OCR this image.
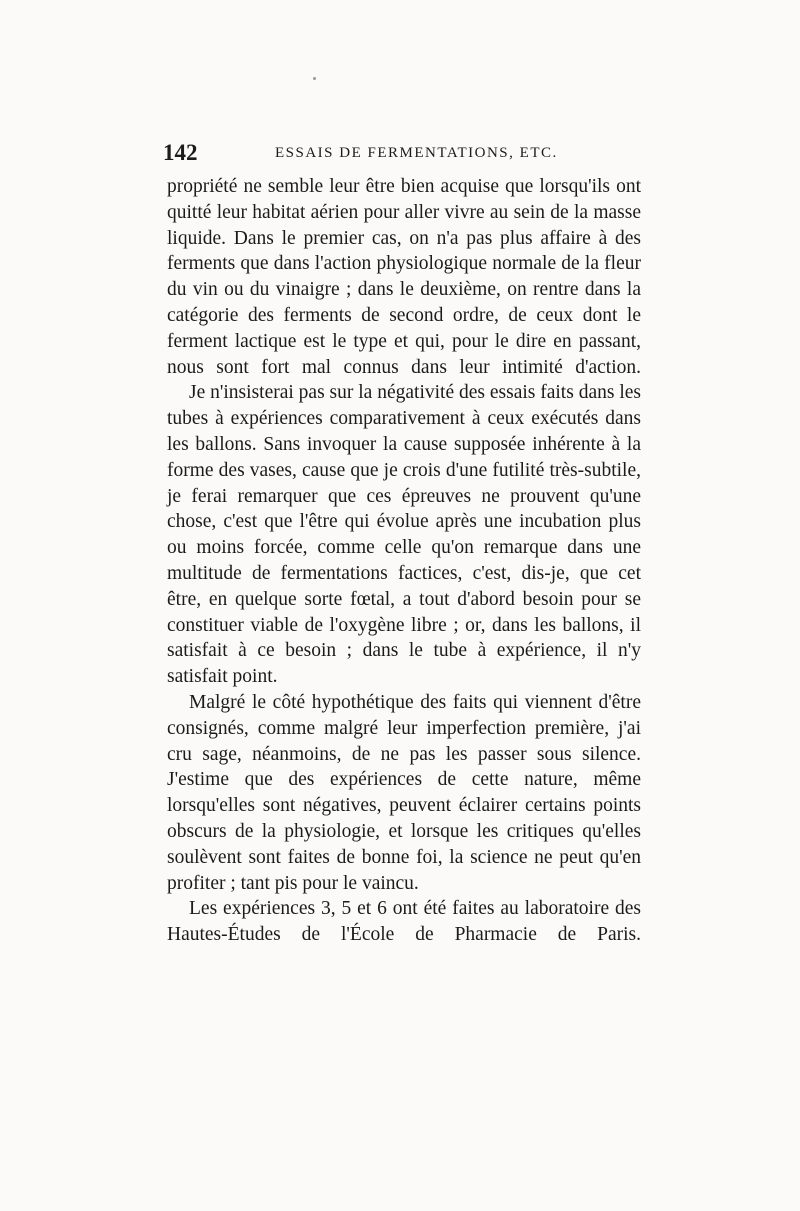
142	ESSAIS DE FERMENTATIONS, ETC.

propriété ne semble leur être bien acquise que lorsqu'ils ont quitté leur habitat aérien pour aller vivre au sein de la masse liquide. Dans le premier cas, on n'a pas plus affaire à des ferments que dans l'action physiologique normale de la fleur du vin ou du vinaigre ; dans le deuxième, on rentre dans la catégorie des ferments de second ordre, de ceux dont le ferment lactique est le type et qui, pour le dire en passant, nous sont fort mal connus dans leur intimité d'action.

Je n'insisterai pas sur la négativité des essais faits dans les tubes à expériences comparativement à ceux exécutés dans les ballons. Sans invoquer la cause supposée inhérente à la forme des vases, cause que je crois d'une futilité très-subtile, je ferai remarquer que ces épreuves ne prouvent qu'une chose, c'est que l'être qui évolue après une incubation plus ou moins forcée, comme celle qu'on remarque dans une multitude de fermentations factices, c'est, dis-je, que cet être, en quelque sorte fœtal, a tout d'abord besoin pour se constituer viable de l'oxygène libre ; or, dans les ballons, il satisfait à ce besoin ; dans le tube à expérience, il n'y satisfait point.

Malgré le côté hypothétique des faits qui viennent d'être consignés, comme malgré leur imperfection première, j'ai cru sage, néanmoins, de ne pas les passer sous silence. J'estime que des expériences de cette nature, même lorsqu'elles sont négatives, peuvent éclairer certains points obscurs de la physiologie, et lorsque les critiques qu'elles soulèvent sont faites de bonne foi, la science ne peut qu'en profiter ; tant pis pour le vaincu.

Les expériences 3, 5 et 6 ont été faites au laboratoire des Hautes-Études de l'École de Pharmacie de Paris.
